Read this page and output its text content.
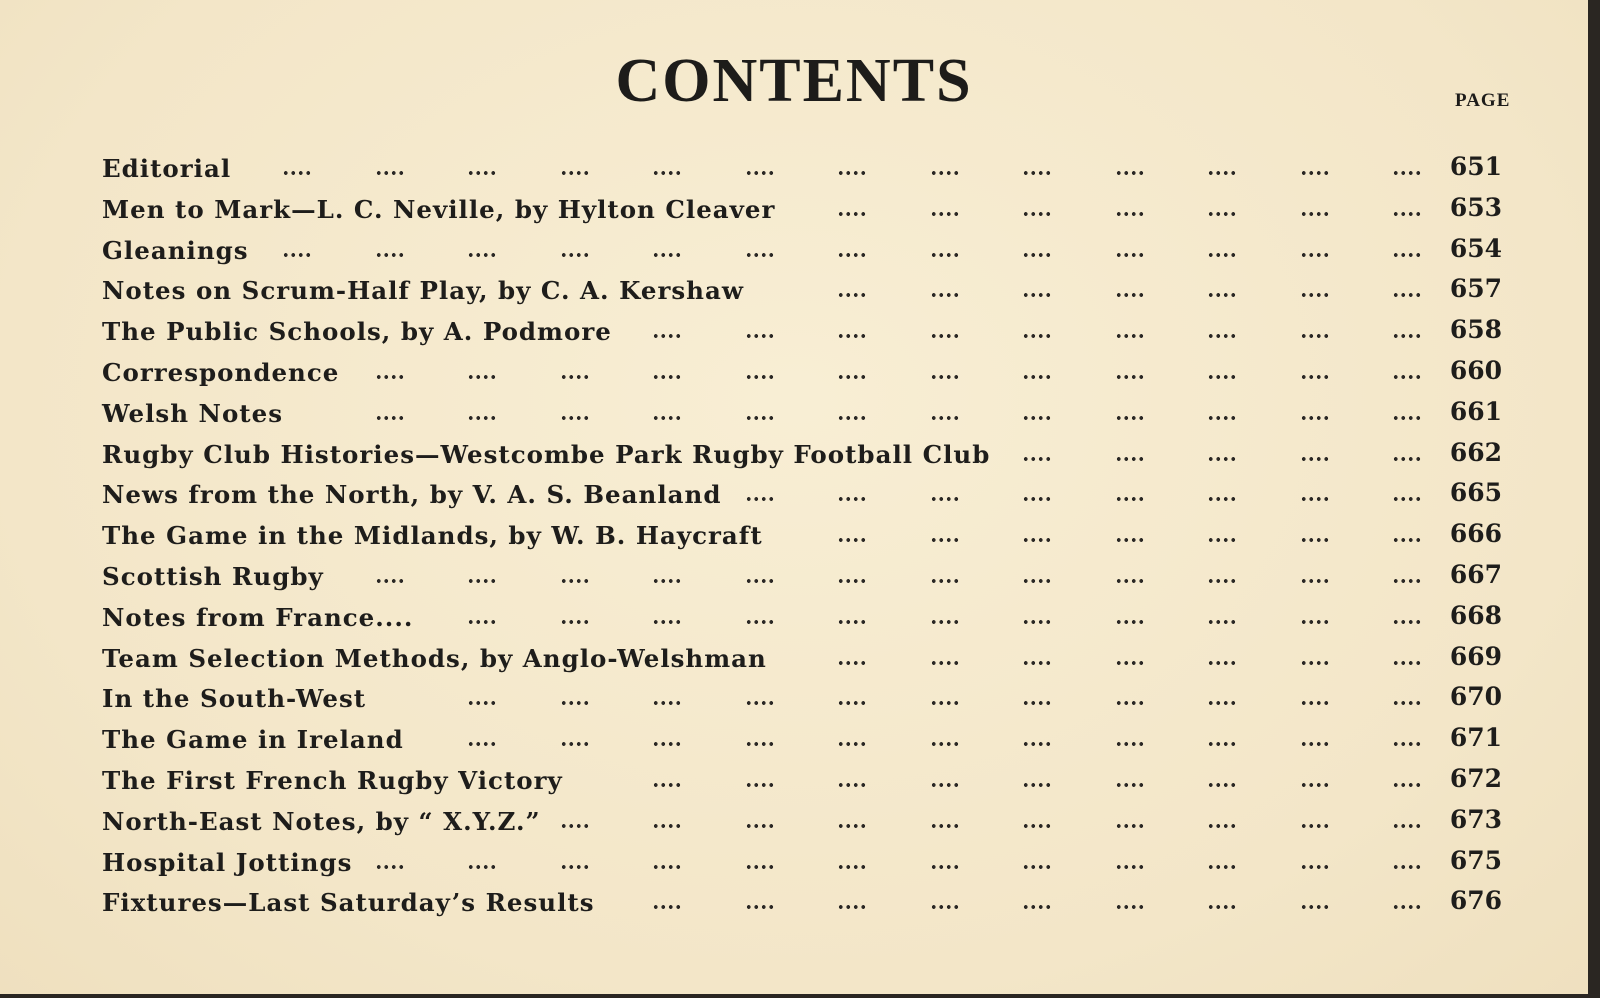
CONTENTS	PAGE
Editorial	651
Men to Mark—L. C. Neville, by Hylton Cleaver	653
Gleanings	654
Notes on Scrum-Half Play, by C. A. Kershaw	657
The Public Schools, by A. Podmore	658
Correspondence	660
Welsh Notes	661
Rugby Club Histories—Westcombe Park Rugby Football Club	662
News from the North, by V. A. S. Beanland	665
The Game in the Midlands, by W. B. Haycraft	666
Scottish Rugby	667
Notes from France....	668
Team Selection Methods, by Anglo-Welshman	669
In the South-West	670
The Game in Ireland	671
The First French Rugby Victory	672
North-East Notes, by “ X.Y.Z.”	673
Hospital Jottings	675
Fixtures—Last Saturday’s Results	676
